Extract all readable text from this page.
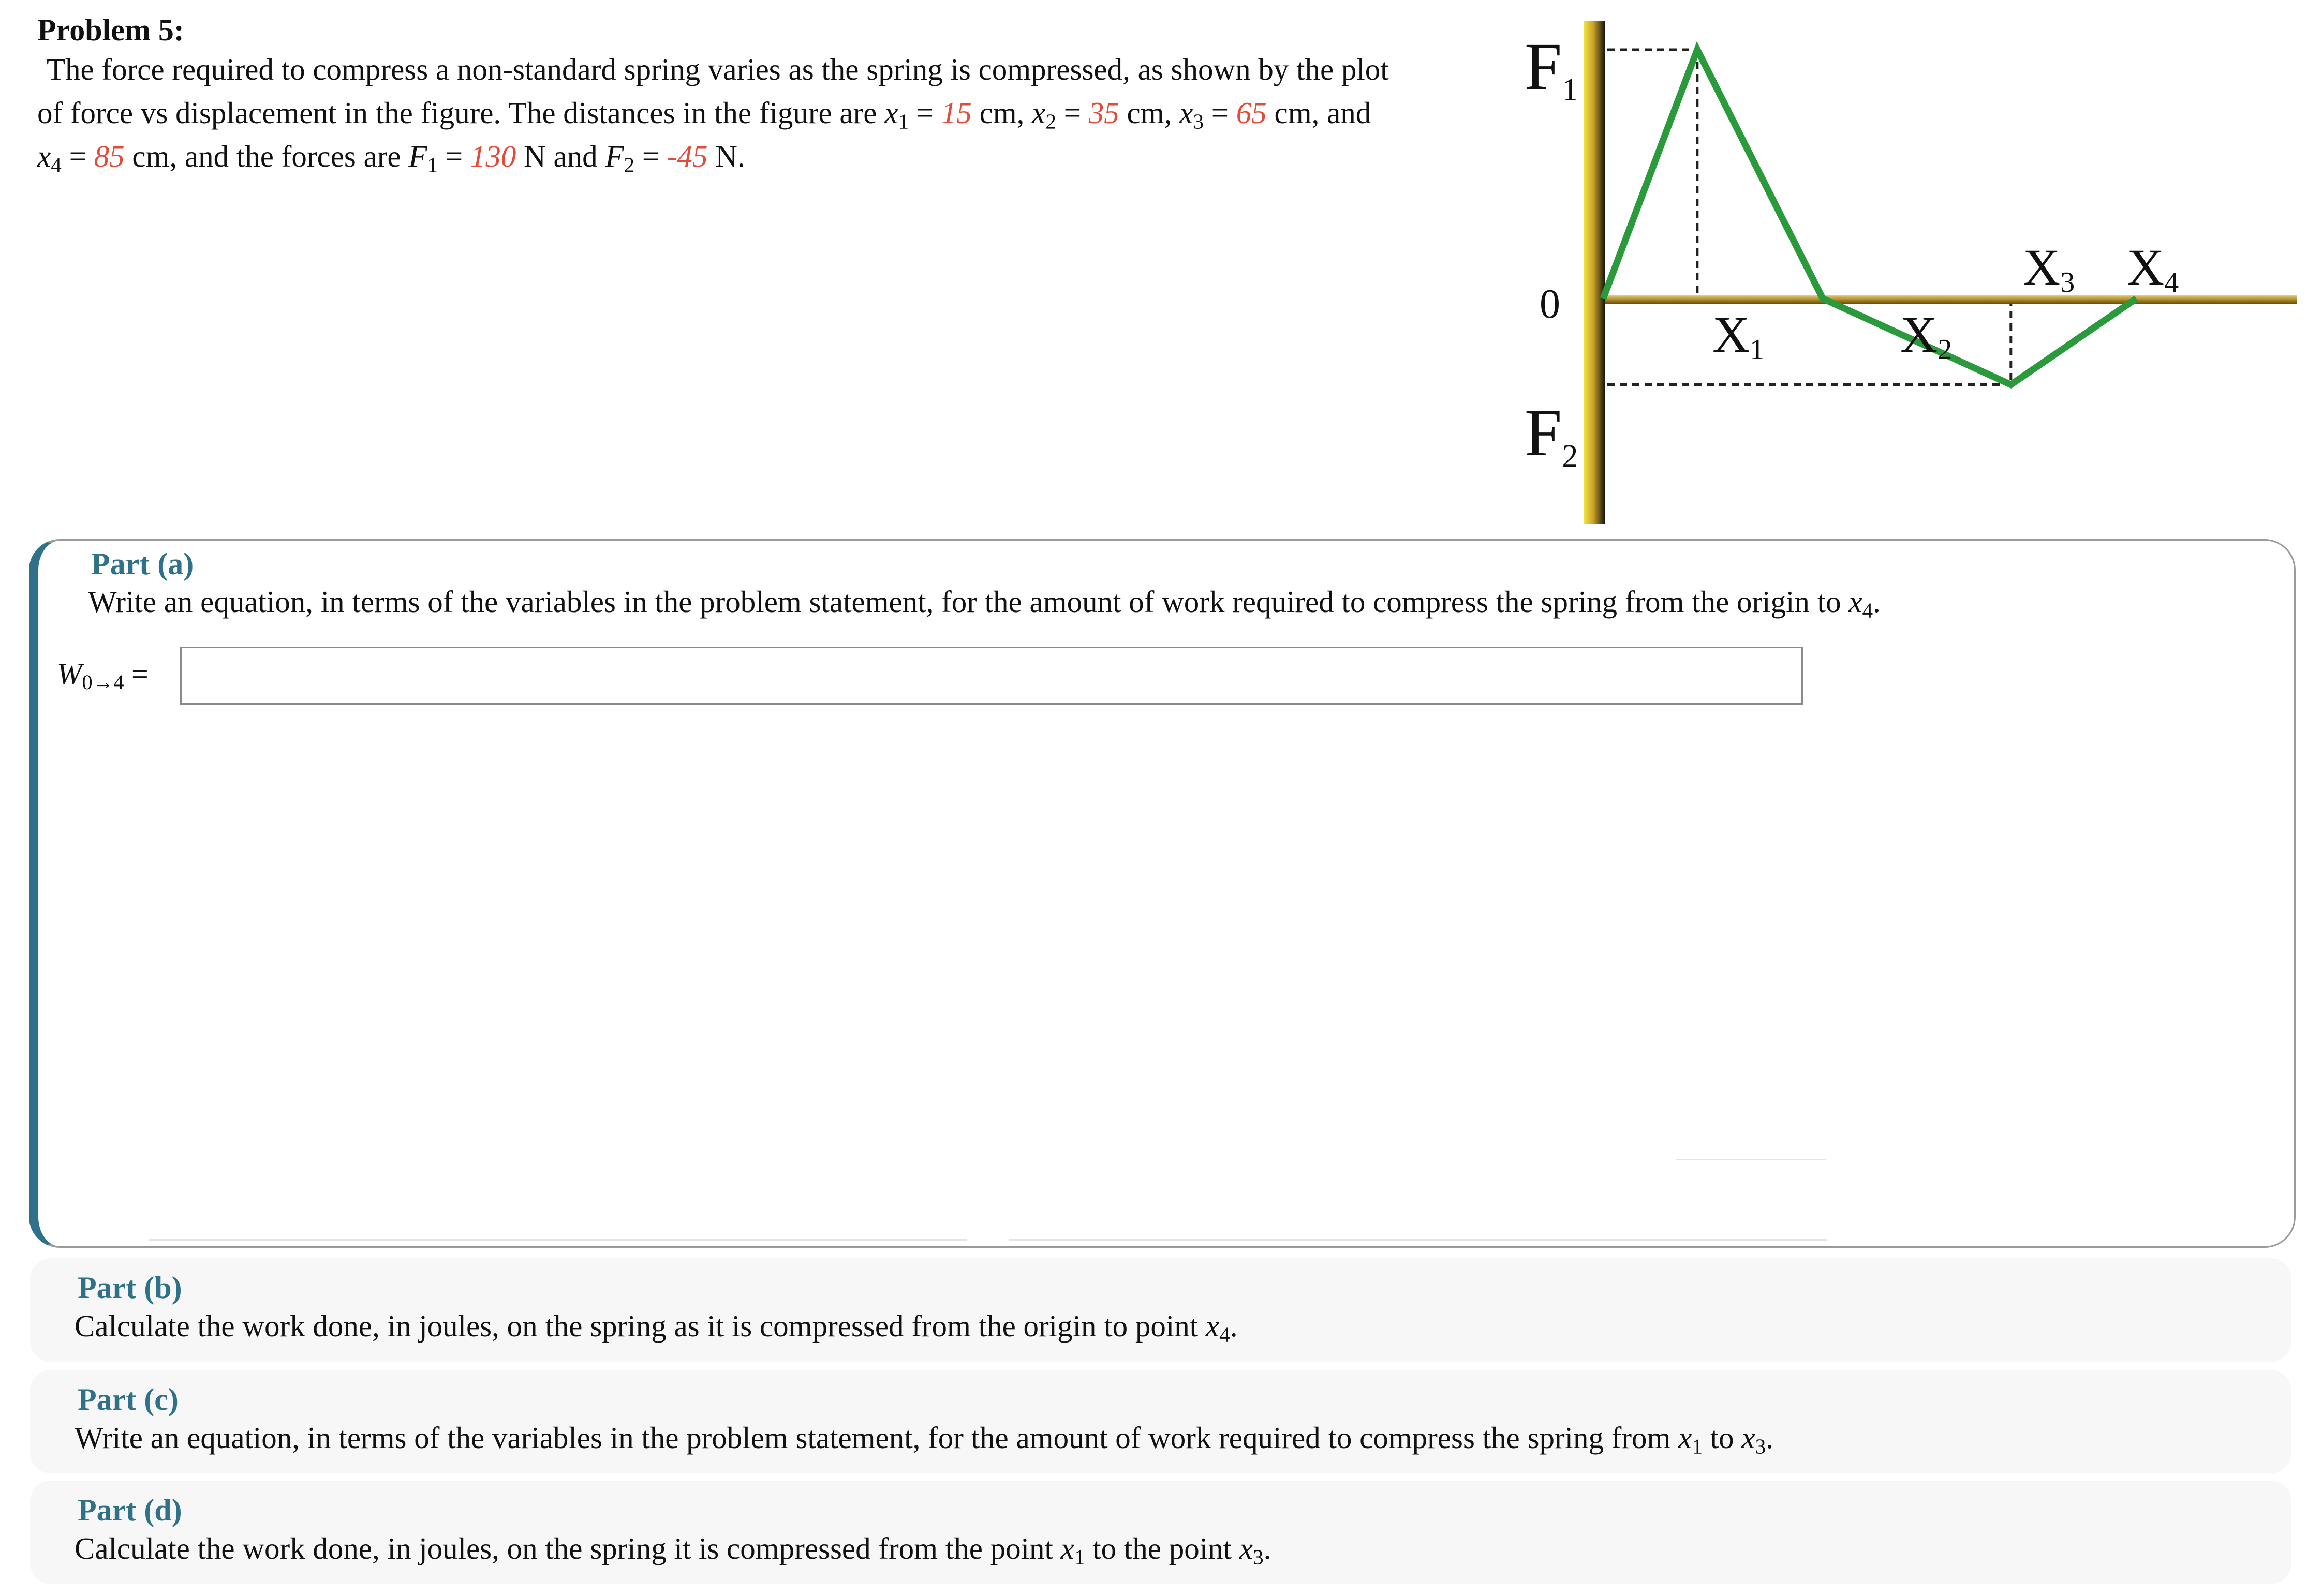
Problem 5:
The force required to compress a non-standard spring varies as the spring is compressed, as shown by the plot
of force vs displacement in the figure. The distances in the figure are $x_1 = 15$ cm, $x_2 = 35$ cm, $x_3 = 65$ cm, and
$x_4 = 85$ cm, and the forces are $F_1 = 130$ N and $F_2 = -45$ N.
F1
0
F2
X1	X2
X3 X4
Part (a)
Write an equation, in terms of the variables in the problem statement, for the amount of work required to compress the spring from the origin to $x_4$.
$W_{0\to 4}$ =
Part (b)
Calculate the work done, in joules, on the spring as it is compressed from the origin to point $x_4$.
Part (c)
Write an equation, in terms of the variables in the problem statement, for the amount of work required to compress the spring from $x_1$ to $x_3$.
Part (d)
Calculate the work done, in joules, on the spring it is compressed from the point $x_1$ to the point $x_3$.
